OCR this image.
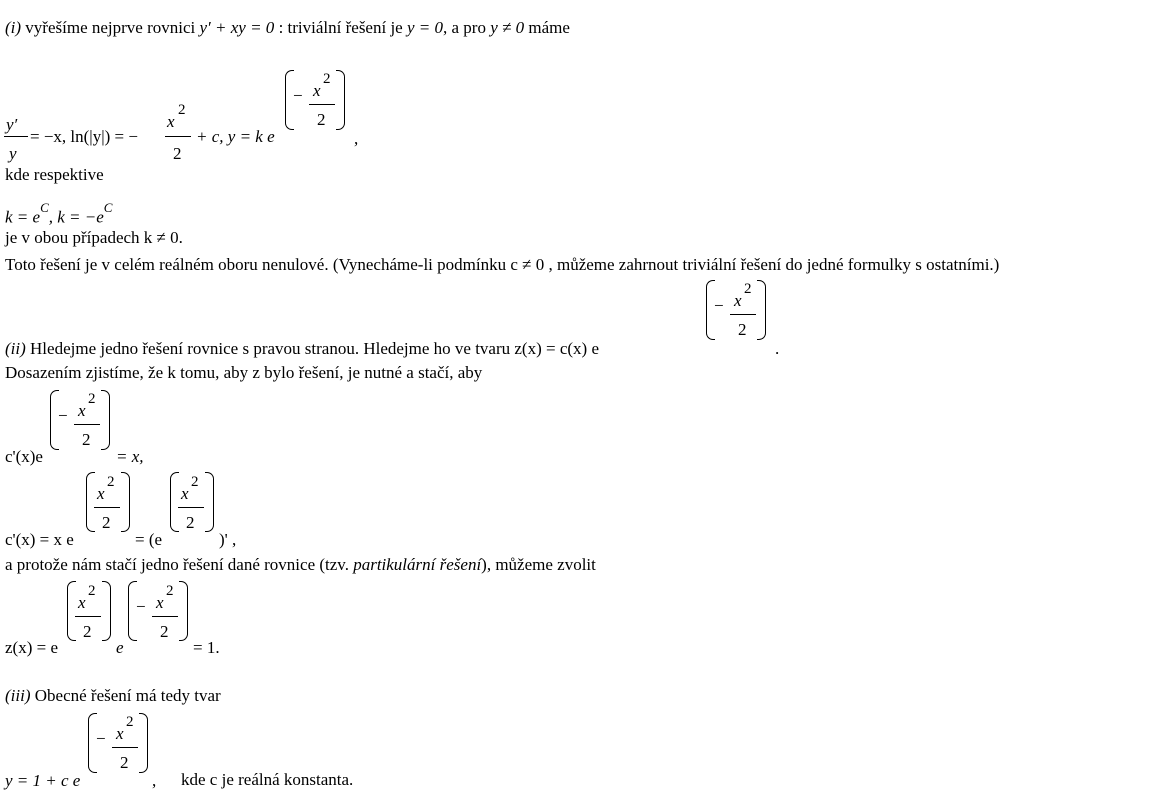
(i) vyřešíme nejprve rovnici y′ + xy = 0 : triviální řešení je y = 0, a pro y ≠ 0 máme
y′
y
= −x, ln(|y|) = −
x
2
2
+ c, y = k e
− x
2
2
,
kde respektive
$k = e^C$, $k = -e^C$
je v obou případech k ≠ 0.
Toto řešení je v celém reálném oboru nenulové. (Vynecháme-li podmínku c ≠ 0 , můžeme zahrnout triviální řešení do jedné formulky s ostatními.)
(ii) Hledejme jedno řešení rovnice s pravou stranou. Hledejme ho ve tvaru z(x) = c(x) e
− x
2
2
.
Dosazením zjistíme, že k tomu, aby z bylo řešení, je nutné a stačí, aby
c'(x)e
− x
2
2
= x,
c'(x) = x e
x
2
2
= (e
x
2
2
)' ,
a protože nám stačí jedno řešení dané rovnice (tzv. partikulární řešení), můžeme zvolit
z(x) = e
x
2
2
e
− x
2
2
= 1.
(iii) Obecné řešení má tedy tvar
y = 1 + c e
− x
2
2
, kde c je reálná konstanta.
